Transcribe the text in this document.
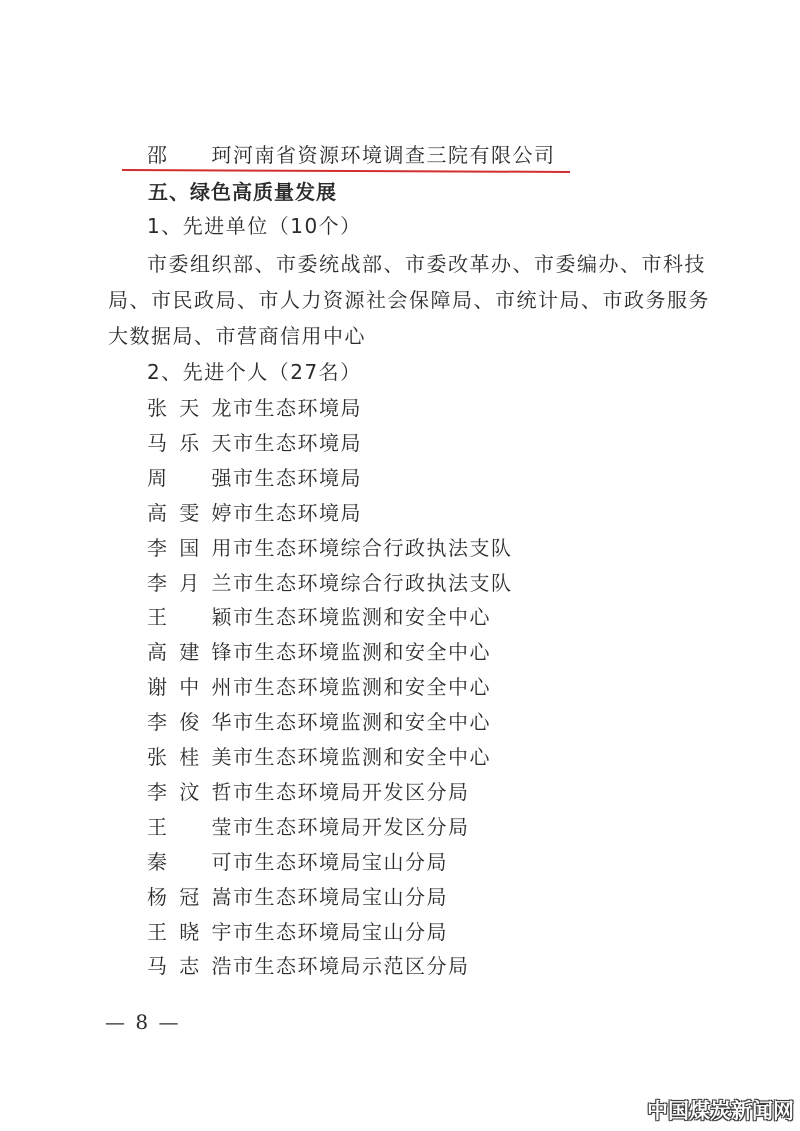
邵　珂河南省资源环境调查三院有限公司
五、绿色高质量发展
1、先进单位（10个）
市委组织部、市委统战部、市委改革办、市委编办、市科技
局、市民政局、市人力资源社会保障局、市统计局、市政务服务
大数据局、市营商信用中心
2、先进个人（27名）
张天龙市生态环境局
马乐天市生态环境局
周　强市生态环境局
高雯婷市生态环境局
李国用市生态环境综合行政执法支队
李月兰市生态环境综合行政执法支队
王　颖市生态环境监测和安全中心
高建锋市生态环境监测和安全中心
谢中州市生态环境监测和安全中心
李俊华市生态环境监测和安全中心
张桂美市生态环境监测和安全中心
李汶哲市生态环境局开发区分局
王　莹市生态环境局开发区分局
秦　可市生态环境局宝山分局
杨冠嵩市生态环境局宝山分局
王晓宇市生态环境局宝山分局
马志浩市生态环境局示范区分局
— 8 —
中国煤炭新闻网
